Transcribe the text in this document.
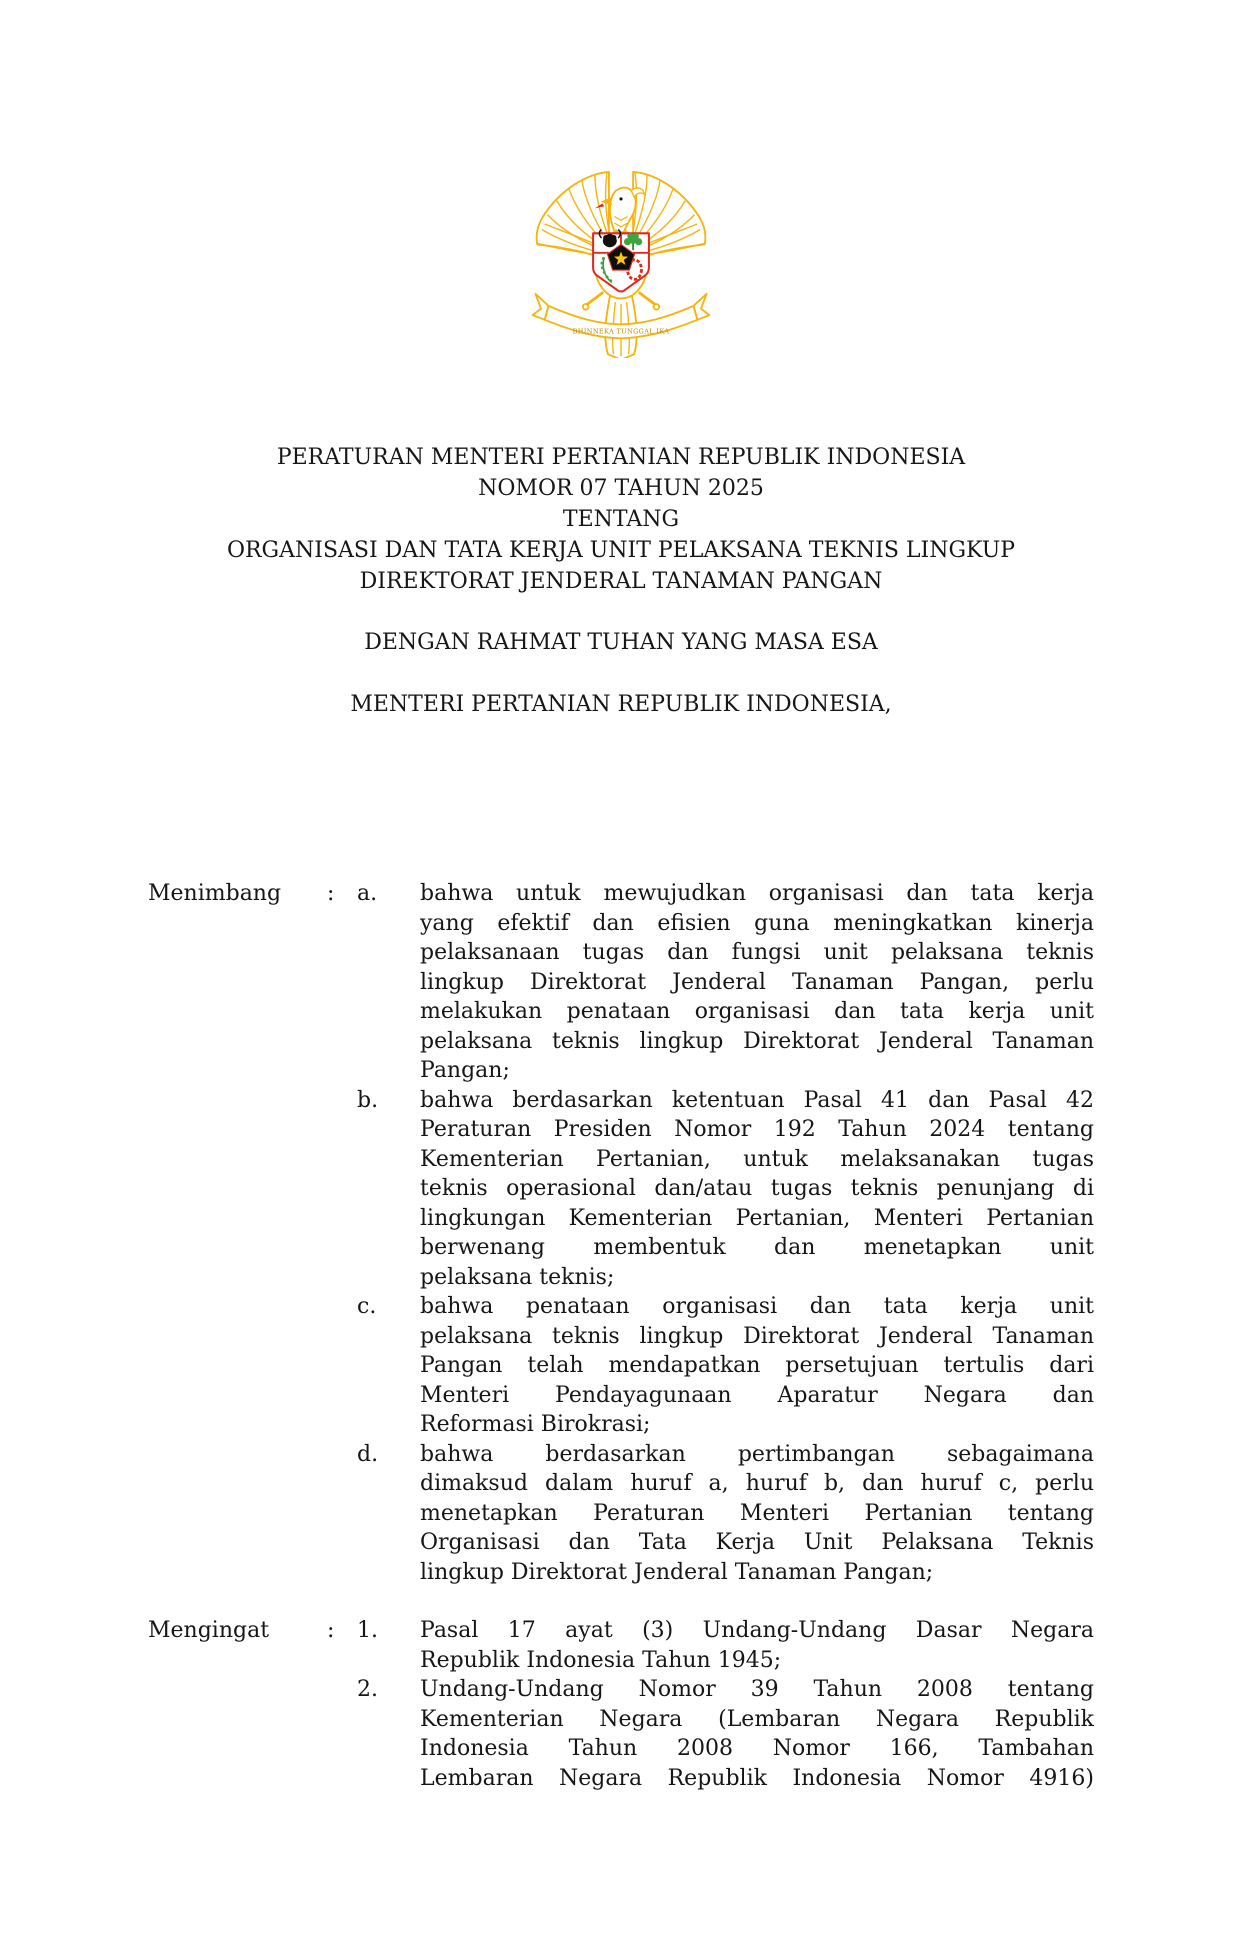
BHINNEKA TUNGGAL IKA
PERATURAN MENTERI PERTANIAN REPUBLIK INDONESIA
NOMOR 07 TAHUN 2025
TENTANG
ORGANISASI DAN TATA KERJA UNIT PELAKSANA TEKNIS LINGKUP
DIREKTORAT JENDERAL TANAMAN PANGAN
DENGAN RAHMAT TUHAN YANG MASA ESA
MENTERI PERTANIAN REPUBLIK INDONESIA,
Menimbang	:	a.	bahwa untuk mewujudkan organisasi dan tata kerja
yang efektif dan efisien guna meningkatkan kinerja
pelaksanaan tugas dan fungsi unit pelaksana teknis
lingkup Direktorat Jenderal Tanaman Pangan, perlu
melakukan penataan organisasi dan tata kerja unit
pelaksana teknis lingkup Direktorat Jenderal Tanaman
Pangan;
b.	bahwa berdasarkan ketentuan Pasal 41 dan Pasal 42
Peraturan Presiden Nomor 192 Tahun 2024 tentang
Kementerian Pertanian, untuk melaksanakan tugas
teknis operasional dan/atau tugas teknis penunjang di
lingkungan Kementerian Pertanian, Menteri Pertanian
berwenang membentuk dan menetapkan unit
pelaksana teknis;
c.	bahwa penataan organisasi dan tata kerja unit
pelaksana teknis lingkup Direktorat Jenderal Tanaman
Pangan telah mendapatkan persetujuan tertulis dari
Menteri Pendayagunaan Aparatur Negara dan
Reformasi Birokrasi;
d.	bahwa berdasarkan pertimbangan sebagaimana
dimaksud dalam huruf a, huruf b, dan huruf c, perlu
menetapkan Peraturan Menteri Pertanian tentang
Organisasi dan Tata Kerja Unit Pelaksana Teknis
lingkup Direktorat Jenderal Tanaman Pangan;
Mengingat	:	1.	Pasal 17 ayat (3) Undang-Undang Dasar Negara
Republik Indonesia Tahun 1945;
2.	Undang-Undang Nomor 39 Tahun 2008 tentang
Kementerian Negara (Lembaran Negara Republik
Indonesia Tahun 2008 Nomor 166, Tambahan
Lembaran Negara Republik Indonesia Nomor 4916)
